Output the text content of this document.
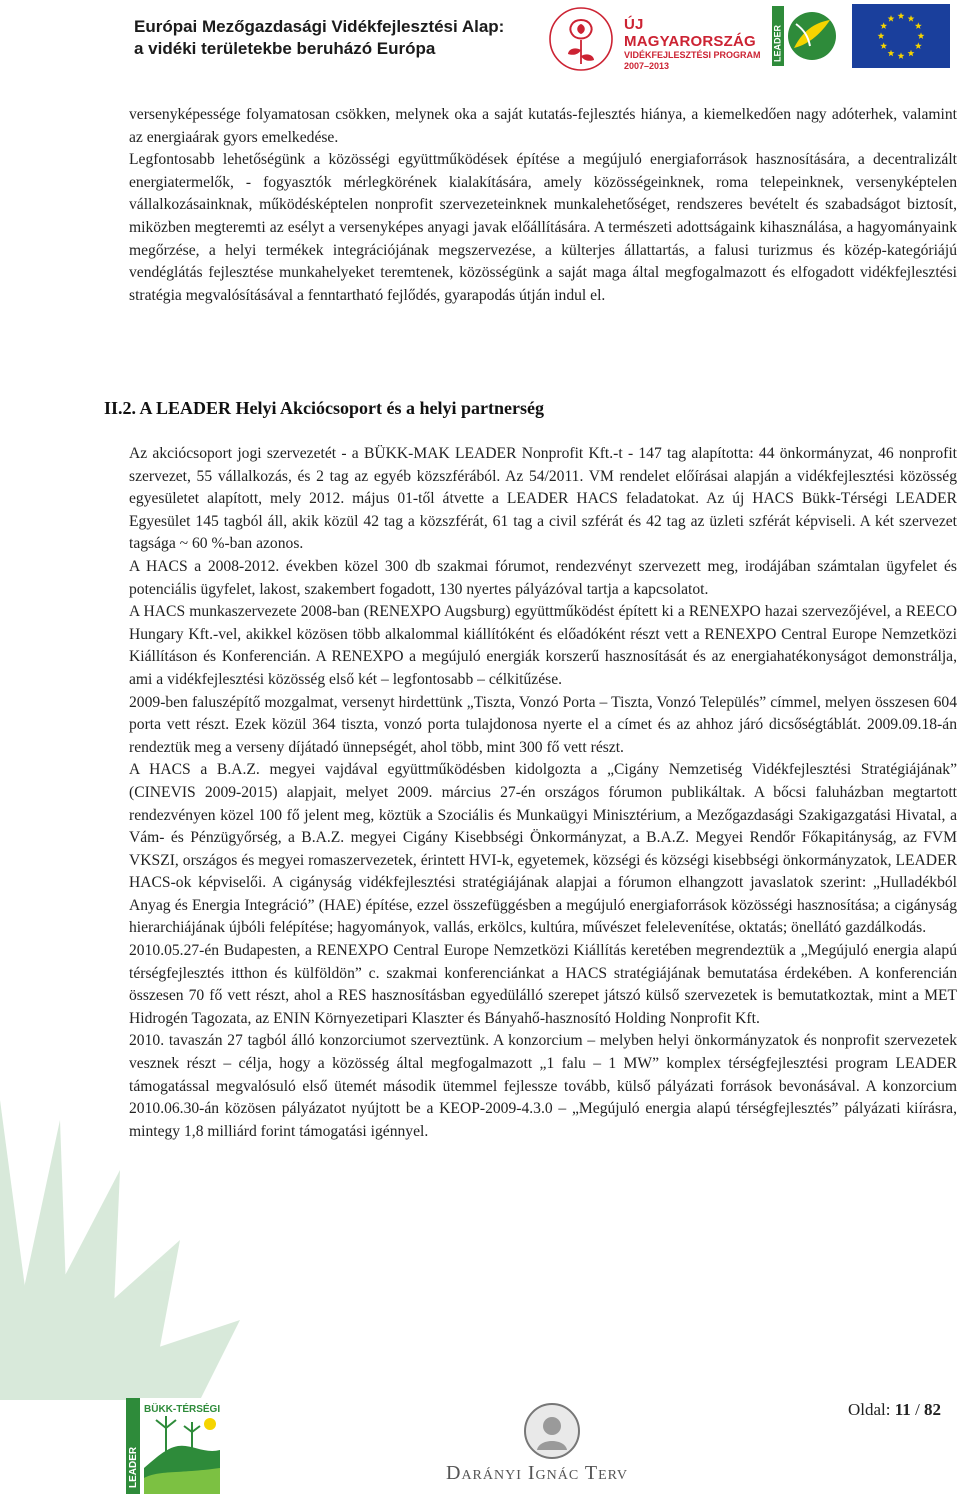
Európai Mezőgazdasági Vidékfejlesztési Alap:
a vidéki területekbe beruházó Európa
ÚJ MAGYARORSZÁG
VIDÉKFEJLESZTÉSI PROGRAM
2007–2013
LEADER

versenyképessége folyamatosan csökken, melynek oka a saját kutatás-fejlesztés hiánya, a kiemelkedően nagy adóterhek, valamint az energiaárak gyors emelkedése.

Legfontosabb lehetőségünk a közösségi együttműködések építése a megújuló energiaforrások hasznosítására, a decentralizált energiatermelők, - fogyasztók mérlegkörének kialakítására, amely közösségeinknek, roma telepeinknek, versenyképtelen vállalkozásainknak, működésképtelen nonprofit szervezeteinknek munkalehetőséget, rendszeres bevételt és szabadságot biztosít, miközben megteremti az esélyt a versenyképes anyagi javak előállítására. A természeti adottságaink kihasználása, a hagyományaink megőrzése, a helyi termékek integrációjának megszervezése, a külterjes állattartás, a falusi turizmus és közép-kategóriájú vendéglátás fejlesztése munkahelyeket teremtenek, közösségünk a saját maga által megfogalmazott és elfogadott vidékfejlesztési stratégia megvalósításával a fenntartható fejlődés, gyarapodás útján indul el.

II.2. A LEADER Helyi Akciócsoport és a helyi partnerség

Az akciócsoport jogi szervezetét - a BÜKK-MAK LEADER Nonprofit Kft.-t - 147 tag alapította: 44 önkormányzat, 46 nonprofit szervezet, 55 vállalkozás, és 2 tag az egyéb közszférából. Az 54/2011. VM rendelet előírásai alapján a vidékfejlesztési közösség egyesületet alapított, mely 2012. május 01-től átvette a LEADER HACS feladatokat. Az új HACS Bükk-Térségi LEADER Egyesület 145 tagból áll, akik közül 42 tag a közszférát, 61 tag a civil szférát és 42 tag az üzleti szférát képviseli. A két szervezet tagsága ~ 60 %-ban azonos.

A HACS a 2008-2012. években közel 300 db szakmai fórumot, rendezvényt szervezett meg, irodájában számtalan ügyfelet és potenciális ügyfelet, lakost, szakembert fogadott, 130 nyertes pályázóval tartja a kapcsolatot.

A HACS munkaszervezete 2008-ban (RENEXPO Augsburg) együttműködést épített ki a RENEXPO hazai szervezőjével, a REECO Hungary Kft.-vel, akikkel közösen több alkalommal kiállítóként és előadóként részt vett a RENEXPO Central Europe Nemzetközi Kiállításon és Konferencián. A RENEXPO a megújuló energiák korszerű hasznosítását és az energiahatékonyságot demonstrálja, ami a vidékfejlesztési közösség első két – legfontosabb – célkitűzése.

2009-ben faluszépítő mozgalmat, versenyt hirdettünk „Tiszta, Vonzó Porta – Tiszta, Vonzó Település” címmel, melyen összesen 604 porta vett részt. Ezek közül 364 tiszta, vonzó porta tulajdonosa nyerte el a címet és az ahhoz járó dicsőségtáblát. 2009.09.18-án rendeztük meg a verseny díjátadó ünnepségét, ahol több, mint 300 fő vett részt.

A HACS a B.A.Z. megyei vajdával együttműködésben kidolgozta a „Cigány Nemzetiség Vidékfejlesztési Stratégiájának” (CINEVIS 2009-2015) alapjait, melyet 2009. március 27-én országos fórumon publikáltak. A bőcsi faluházban megtartott rendezvényen közel 100 fő jelent meg, köztük a Szociális és Munkaügyi Minisztérium, a Mezőgazdasági Szakigazgatási Hivatal, a Vám- és Pénzügyőrség, a B.A.Z. megyei Cigány Kisebbségi Önkormányzat, a B.A.Z. Megyei Rendőr Főkapitányság, az FVM VKSZI, országos és megyei romaszervezetek, érintett HVI-k, egyetemek, községi és községi kisebbségi önkormányzatok, LEADER HACS-ok képviselői. A cigányság vidékfejlesztési stratégiájának alapjai a fórumon elhangzott javaslatok szerint: „Hulladékból Anyag és Energia Integráció” (HAE) építése, ezzel összefüggésben a megújuló energiaforrások közösségi hasznosítása; a cigányság hierarchiájának újbóli felépítése; hagyományok, vallás, erkölcs, kultúra, művészet felelevenítése, oktatás; önellátó gazdálkodás.

2010.05.27-én Budapesten, a RENEXPO Central Europe Nemzetközi Kiállítás keretében megrendeztük a „Megújuló energia alapú térségfejlesztés itthon és külföldön” c. szakmai konferenciánkat a HACS stratégiájának bemutatása érdekében. A konferencián összesen 70 fő vett részt, ahol a RES hasznosításban egyedülálló szerepet játszó külső szervezetek is bemutatkoztak, mint a MET Hidrogén Tagozata, az ENIN Környezetipari Klaszter és Bányahő-hasznosító Holding Nonprofit Kft.

2010. tavaszán 27 tagból álló konzorciumot szerveztünk. A konzorcium – melyben helyi önkormányzatok és nonprofit szervezetek vesznek részt – célja, hogy a közösség által megfogalmazott „1 falu – 1 MW” komplex térségfejlesztési program LEADER támogatással megvalósuló első ütemét második ütemmel fejlessze tovább, külső pályázati források bevonásával. A konzorcium 2010.06.30-án közösen pályázatot nyújtott be a KEOP-2009-4.3.0 – „Megújuló energia alapú térségfejlesztés” pályázati kiírásra, mintegy 1,8 milliárd forint támogatási igénnyel.

LEADER
BÜKK-TÉRSÉGI
Darányi Ignác Terv
Oldal: 11 / 82
